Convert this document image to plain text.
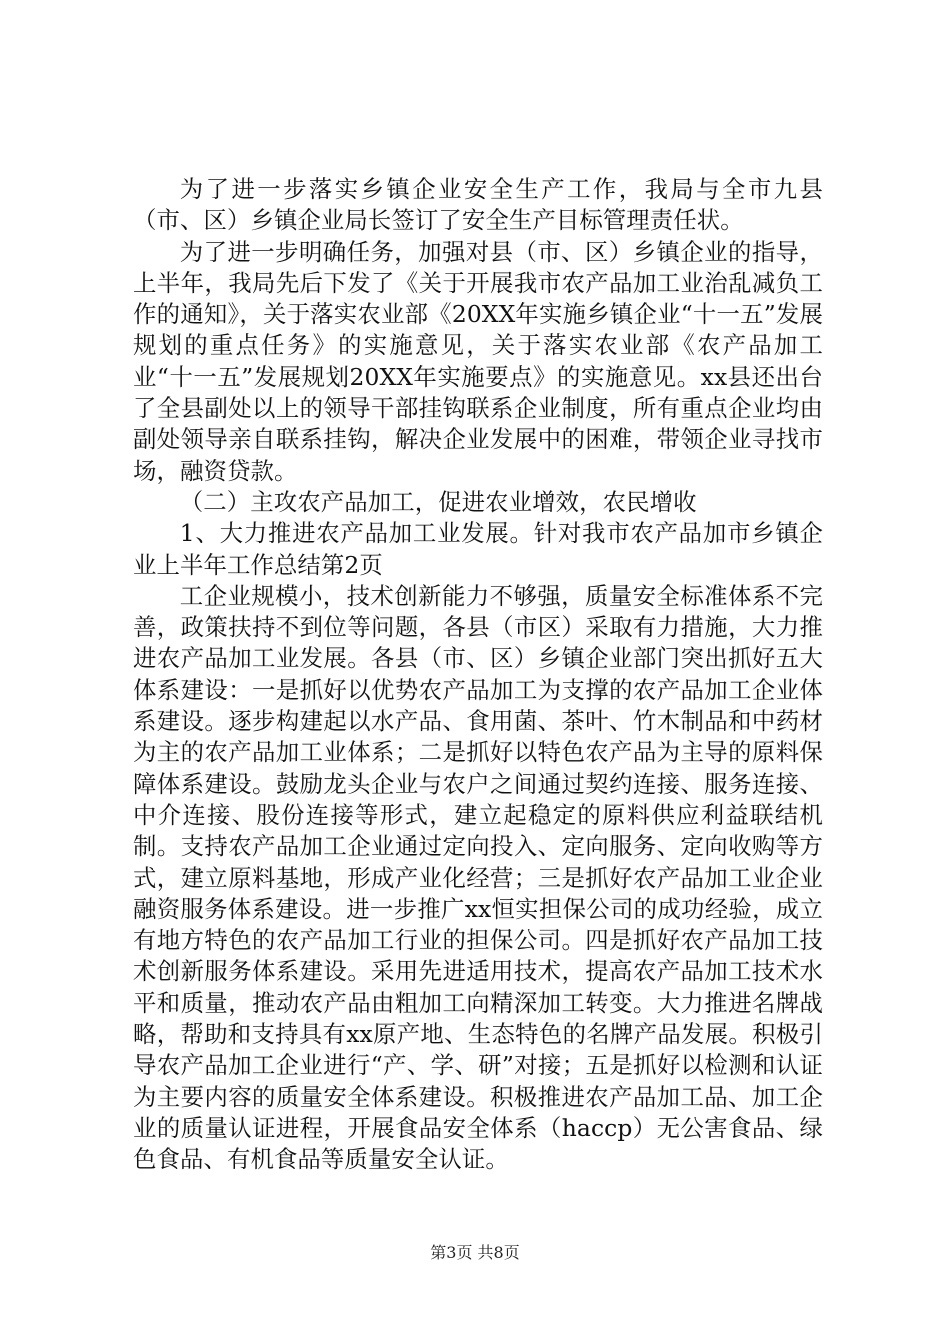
为了进一步落实乡镇企业安全生产工作，我局与全市九县（市、区）乡镇企业局长签订了安全生产目标管理责任状。

为了进一步明确任务，加强对县（市、区）乡镇企业的指导，上半年，我局先后下发了《关于开展我市农产品加工业治乱减负工作的通知》，关于落实农业部《20XX年实施乡镇企业“十一五”发展规划的重点任务》的实施意见，关于落实农业部《农产品加工业“十一五”发展规划20XX年实施要点》的实施意见。xx县还出台了全县副处以上的领导干部挂钩联系企业制度，所有重点企业均由副处领导亲自联系挂钩，解决企业发展中的困难，带领企业寻找市场，融资贷款。

（二）主攻农产品加工，促进农业增效，农民增收

1、大力推进农产品加工业发展。针对我市农产品加市乡镇企业上半年工作总结第2页

工企业规模小，技术创新能力不够强，质量安全标准体系不完善，政策扶持不到位等问题，各县（市区）采取有力措施，大力推进农产品加工业发展。各县（市、区）乡镇企业部门突出抓好五大体系建设：一是抓好以优势农产品加工为支撑的农产品加工企业体系建设。逐步构建起以水产品、食用菌、茶叶、竹木制品和中药材为主的农产品加工业体系；二是抓好以特色农产品为主导的原料保障体系建设。鼓励龙头企业与农户之间通过契约连接、服务连接、中介连接、股份连接等形式，建立起稳定的原料供应利益联结机制。支持农产品加工企业通过定向投入、定向服务、定向收购等方式，建立原料基地，形成产业化经营；三是抓好农产品加工业企业融资服务体系建设。进一步推广xx恒实担保公司的成功经验，成立有地方特色的农产品加工行业的担保公司。四是抓好农产品加工技术创新服务体系建设。采用先进适用技术，提高农产品加工技术水平和质量，推动农产品由粗加工向精深加工转变。大力推进名牌战略，帮助和支持具有xx原产地、生态特色的名牌产品发展。积极引导农产品加工企业进行“产、学、研”对接；五是抓好以检测和认证为主要内容的质量安全体系建设。积极推进农产品加工品、加工企业的质量认证进程，开展食品安全体系（haccp）无公害食品、绿色食品、有机食品等质量安全认证。

第3页 共8页
